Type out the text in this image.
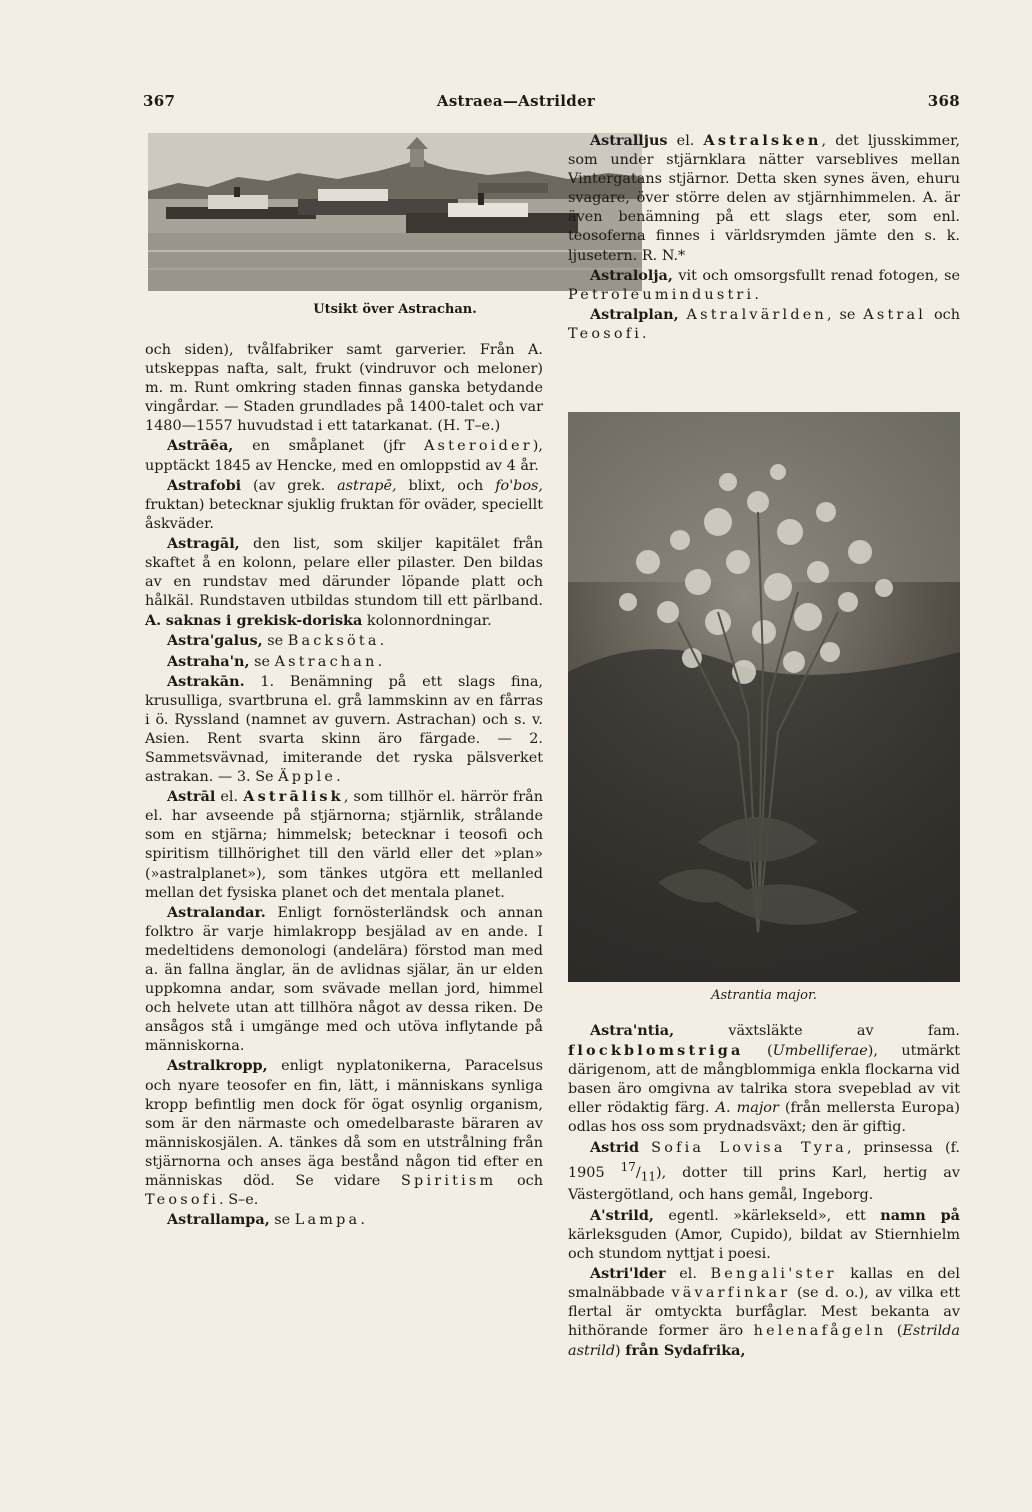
367	Astraea—Astrilder	368
Utsikt över Astrachan.
Astrantia major.

och siden), tvålfabriker samt garverier. Från A. utskeppas nafta, salt, frukt (vindruvor och meloner) m. m. Runt omkring staden finnas ganska betydande vingårdar. — Staden grundlades på 1400-talet och var 1480—1557 huvudstad i ett tatarkanat. (H. T–e.)

Astrāēa, en småplanet (jfr Asteroider), upptäckt 1845 av Hencke, med en omloppstid av 4 år.

Astrafobi (av grek. astrapē, blixt, och fo'bos, fruktan) betecknar sjuklig fruktan för oväder, speciellt åskväder.

Astragāl, den list, som skiljer kapitälet från skaftet å en kolonn, pelare eller pilaster. Den bildas av en rundstav med därunder löpande platt och hålkäl. Rundstaven utbildas stundom till ett pärlband. A. saknas i grekisk-doriska kolonnordningar.

Astra'galus, se Backsöta.

Astraha'n, se Astrachan.

Astrakān. 1. Benämning på ett slags fina, krusulliga, svartbruna el. grå lammskinn av en fårras i ö. Ryssland (namnet av guvern. Astrachan) och s. v. Asien. Rent svarta skinn äro färgade. — 2. Sammetsvävnad, imiterande det ryska pälsverket astrakan. — 3. Se Äpple.

Astrāl el. Astrālisk, som tillhör el. härrör från el. har avseende på stjärnorna; stjärnlik, strålande som en stjärna; himmelsk; betecknar i teosofi och spiritism tillhörighet till den värld eller det »plan» (»astralplanet»), som tänkes utgöra ett mellanled mellan det fysiska planet och det mentala planet.

Astralandar. Enligt fornösterländsk och annan folktro är varje himlakropp besjälad av en ande. I medeltidens demonologi (andelära) förstod man med a. än fallna änglar, än de avlidnas själar, än ur elden uppkomna andar, som svävade mellan jord, himmel och helvete utan att tillhöra något av dessa riken. De ansågos stå i umgänge med och utöva inflytande på människorna.

Astralkropp, enligt nyplatonikerna, Paracelsus och nyare teosofer en fin, lätt, i människans synliga kropp befintlig men dock för ögat osynlig organism, som är den närmaste och omedelbaraste bäraren av människosjälen. A. tänkes då som en utstrålning från stjärnorna och anses äga bestånd någon tid efter en människas död. Se vidare Spiritism och Teosofi. S–e.

Astrallampa, se Lampa.

Astralljus el. Astralsken, det ljusskimmer, som under stjärnklara nätter varseblives mellan Vintergatans stjärnor. Detta sken synes även, ehuru svagare, över större delen av stjärnhimmelen. A. är även benämning på ett slags eter, som enl. teosoferna finnes i världsrymden jämte den s. k. ljusetern. R. N.*

Astralolja, vit och omsorgsfullt renad fotogen, se Petroleumindustri.

Astralplan, Astralvärlden, se Astral och Teosofi.

Astra'ntia, växtsläkte av fam. flockblomstriga (Umbelliferae), utmärkt därigenom, att de mångblommiga enkla flockarna vid basen äro omgivna av talrika stora svepeblad av vit eller rödaktig färg. A. major (från mellersta Europa) odlas hos oss som prydnadsväxt; den är giftig.

Astrid Sofia Lovisa Tyra, prinsessa (f. 1905 $^{17}/_{11}$), dotter till prins Karl, hertig av Västergötland, och hans gemål, Ingeborg.

A'strild, egentl. »kärlekseld», ett namn på kärleksguden (Amor, Cupido), bildat av Stiernhielm och stundom nyttjat i poesi.

Astri'lder el. Bengali'ster kallas en del smalnäbbade vävarfinkar (se d. o.), av vilka ett flertal är omtyckta burfåglar. Mest bekanta av hithörande former äro helenafågeln (Estrilda astrild) från Sydafrika,
